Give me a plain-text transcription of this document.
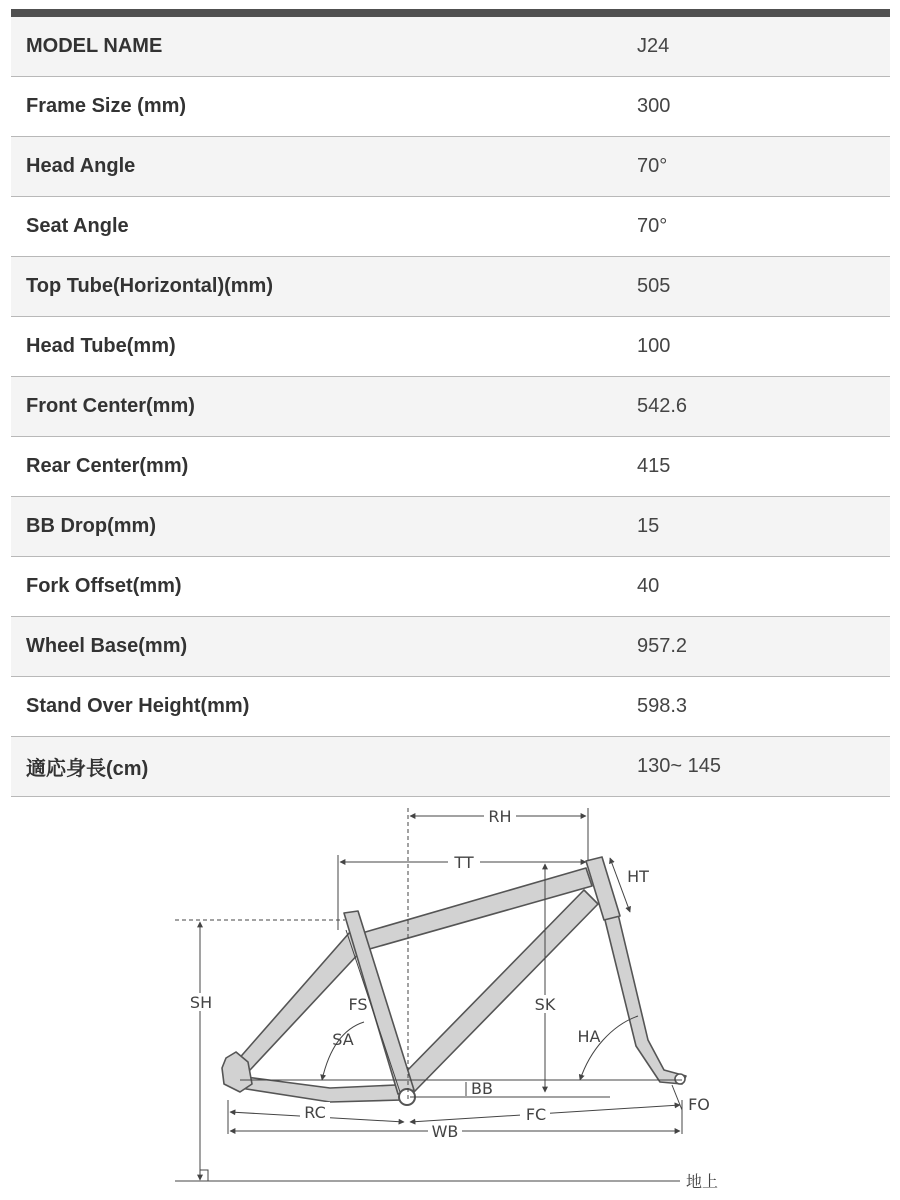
MODEL NAME	J24
Frame Size (mm)	300
Head Angle	70°
Seat Angle	70°
Top Tube(Horizontal)(mm)	505
Head Tube(mm)	100
Front Center(mm)	542.6
Rear Center(mm)	415
BB Drop(mm)	15
Fork Offset(mm)	40
Wheel Base(mm)	957.2
Stand Over Height(mm)	598.3
適応身長(cm)	130~ 145
RH
TT
HT
SH	FS	SK
SA	HA
BB
RC	FC
WB
FO
地上
